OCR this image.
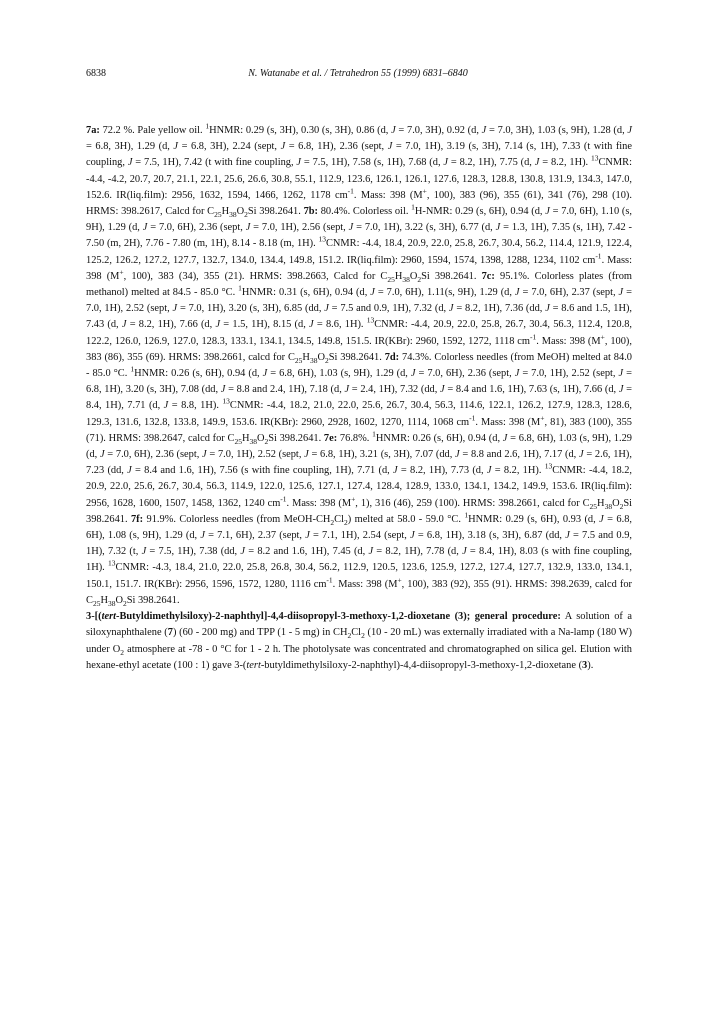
6838	N. Watanabe et al. / Tetrahedron 55 (1999) 6831–6840

7a: 72.2 %. Pale yellow oil. $^1$HNMR: 0.29 (s, 3H), 0.30 (s, 3H), 0.86 (d, J = 7.0, 3H), 0.92 (d, J = 7.0, 3H), 1.03 (s, 9H), 1.28 (d, J = 6.8, 3H), 1.29 (d, J = 6.8, 3H), 2.24 (sept, J = 6.8, 1H), 2.36 (sept, J = 7.0, 1H), 3.19 (s, 3H), 7.14 (s, 1H), 7.33 (t with fine coupling, J = 7.5, 1H), 7.42 (t with fine coupling, J = 7.5, 1H), 7.58 (s, 1H), 7.68 (d, J = 8.2, 1H), 7.75 (d, J = 8.2, 1H). $^{13}$CNMR: -4.4, -4.2, 20.7, 20.7, 21.1, 22.1, 25.6, 26.6, 30.8, 55.1, 112.9, 123.6, 126.1, 126.1, 127.6, 128.3, 128.8, 130.8, 131.9, 134.3, 147.0, 152.6. IR(liq.film): 2956, 1632, 1594, 1466, 1262, 1178 $cm^{-1}$. Mass: 398 (M+, 100), 383 (96), 355 (61), 341 (76), 298 (10). HRMS: 398.2617, Calcd for $C_{25}H_{38}O_2Si$ 398.2641. 7b: 80.4%. Colorless oil. $^1$H-NMR: 0.29 (s, 6H), 0.94 (d, J = 7.0, 6H), 1.10 (s, 9H), 1.29 (d, J = 7.0, 6H), 2.36 (sept, J = 7.0, 1H), 2.56 (sept, J = 7.0, 1H), 3.22 (s, 3H), 6.77 (d, J = 1.3, 1H), 7.35 (s, 1H), 7.42 - 7.50 (m, 2H), 7.76 - 7.80 (m, 1H), 8.14 - 8.18 (m, 1H). $^{13}$CNMR: -4.4, 18.4, 20.9, 22.0, 25.8, 26.7, 30.4, 56.2, 114.4, 121.9, 122.4, 125.2, 126.2, 127.2, 127.7, 132.7, 134.0, 134.4, 149.8, 151.2. IR(liq.film): 2960, 1594, 1574, 1398, 1288, 1234, 1102 $cm^{-1}$. Mass: 398 (M+, 100), 383 (34), 355 (21). HRMS: 398.2663, Calcd for $C_{25}H_{38}O_2Si$ 398.2641. 7c: 95.1%. Colorless plates (from methanol) melted at 84.5 - 85.0 °C. $^1$HNMR: 0.31 (s, 6H), 0.94 (d, J = 7.0, 6H), 1.11(s, 9H), 1.29 (d, J = 7.0, 6H), 2.37 (sept, J = 7.0, 1H), 2.52 (sept, J = 7.0, 1H), 3.20 (s, 3H), 6.85 (dd, J = 7.5 and 0.9, 1H), 7.32 (d, J = 8.2, 1H), 7.36 (dd, J = 8.6 and 1.5, 1H), 7.43 (d, J = 8.2, 1H), 7.66 (d, J = 1.5, 1H), 8.15 (d, J = 8.6, 1H). $^{13}$CNMR: -4.4, 20.9, 22.0, 25.8, 26.7, 30.4, 56.3, 112.4, 120.8, 122.2, 126.0, 126.9, 127.0, 128.3, 133.1, 134.1, 134.5, 149.8, 151.5. IR(KBr): 2960, 1592, 1272, 1118 $cm^{-1}$. Mass: 398 (M+, 100), 383 (86), 355 (69). HRMS: 398.2661, calcd for $C_{25}H_{38}O_2Si$ 398.2641. 7d: 74.3%. Colorless needles (from MeOH) melted at 84.0 - 85.0 °C. $^1$HNMR: 0.26 (s, 6H), 0.94 (d, J = 6.8, 6H), 1.03 (s, 9H), 1.29 (d, J = 7.0, 6H), 2.36 (sept, J = 7.0, 1H), 2.52 (sept, J = 6.8, 1H), 3.20 (s, 3H), 7.08 (dd, J = 8.8 and 2.4, 1H), 7.18 (d, J = 2.4, 1H), 7.32 (dd, J = 8.4 and 1.6, 1H), 7.63 (s, 1H), 7.66 (d, J = 8.4, 1H), 7.71 (d, J = 8.8, 1H). $^{13}$CNMR: -4.4, 18.2, 21.0, 22.0, 25.6, 26.7, 30.4, 56.3, 114.6, 122.1, 126.2, 127.9, 128.3, 128.6, 129.3, 131.6, 132.8, 133.8, 149.9, 153.6. IR(KBr): 2960, 2928, 1602, 1270, 1114, 1068 $cm^{-1}$. Mass: 398 (M+, 81), 383 (100), 355 (71). HRMS: 398.2647, calcd for $C_{25}H_{38}O_2Si$ 398.2641. 7e: 76.8%. $^1$HNMR: 0.26 (s, 6H), 0.94 (d, J = 6.8, 6H), 1.03 (s, 9H), 1.29 (d, J = 7.0, 6H), 2.36 (sept, J = 7.0, 1H), 2.52 (sept, J = 6.8, 1H), 3.21 (s, 3H), 7.07 (dd, J = 8.8 and 2.6, 1H), 7.17 (d, J = 2.6, 1H), 7.23 (dd, J = 8.4 and 1.6, 1H), 7.56 (s with fine coupling, 1H), 7.71 (d, J = 8.2, 1H), 7.73 (d, J = 8.2, 1H). $^{13}$CNMR: -4.4, 18.2, 20.9, 22.0, 25.6, 26.7, 30.4, 56.3, 114.9, 122.0, 125.6, 127.1, 127.4, 128.4, 128.9, 133.0, 134.1, 134.2, 149.9, 153.6. IR(liq.film): 2956, 1628, 1600, 1507, 1458, 1362, 1240 $cm^{-1}$. Mass: 398 (M+, 1), 316 (46), 259 (100). HRMS: 398.2661, calcd for $C_{25}H_{38}O_2Si$ 398.2641. 7f: 91.9%. Colorless needles (from MeOH-$CH_2Cl_2$) melted at 58.0 - 59.0 °C. $^1$HNMR: 0.29 (s, 6H), 0.93 (d, J = 6.8, 6H), 1.08 (s, 9H), 1.29 (d, J = 7.1, 6H), 2.37 (sept, J = 7.1, 1H), 2.54 (sept, J = 6.8, 1H), 3.18 (s, 3H), 6.87 (dd, J = 7.5 and 0.9, 1H), 7.32 (t, J = 7.5, 1H), 7.38 (dd, J = 8.2 and 1.6, 1H), 7.45 (d, J = 8.2, 1H), 7.78 (d, J = 8.4, 1H), 8.03 (s with fine coupling, 1H). $^{13}$CNMR: -4.3, 18.4, 21.0, 22.0, 25.8, 26.8, 30.4, 56.2, 112.9, 120.5, 123.6, 125.9, 127.2, 127.4, 127.7, 132.9, 133.0, 134.1, 150.1, 151.7. IR(KBr): 2956, 1596, 1572, 1280, 1116 $cm^{-1}$. Mass: 398 (M+, 100), 383 (92), 355 (91). HRMS: 398.2639, calcd for $C_{25}H_{38}O_2Si$ 398.2641.

3-[(tert-Butyldimethylsiloxy)-2-naphthyl]-4,4-diisopropyl-3-methoxy-1,2-dioxetane (3); general procedure: A solution of a siloxynaphthalene (7) (60 - 200 mg) and TPP (1 - 5 mg) in $CH_2Cl_2$ (10 - 20 mL) was externally irradiated with a Na-lamp (180 W) under $O_2$ atmosphere at -78 - 0 °C for 1 - 2 h. The photolysate was concentrated and chromatographed on silica gel. Elution with hexane-ethyl acetate (100 : 1) gave 3-(tert-butyldimethylsiloxy-2-naphthyl)-4,4-diisopropyl-3-methoxy-1,2-dioxetane (3).
